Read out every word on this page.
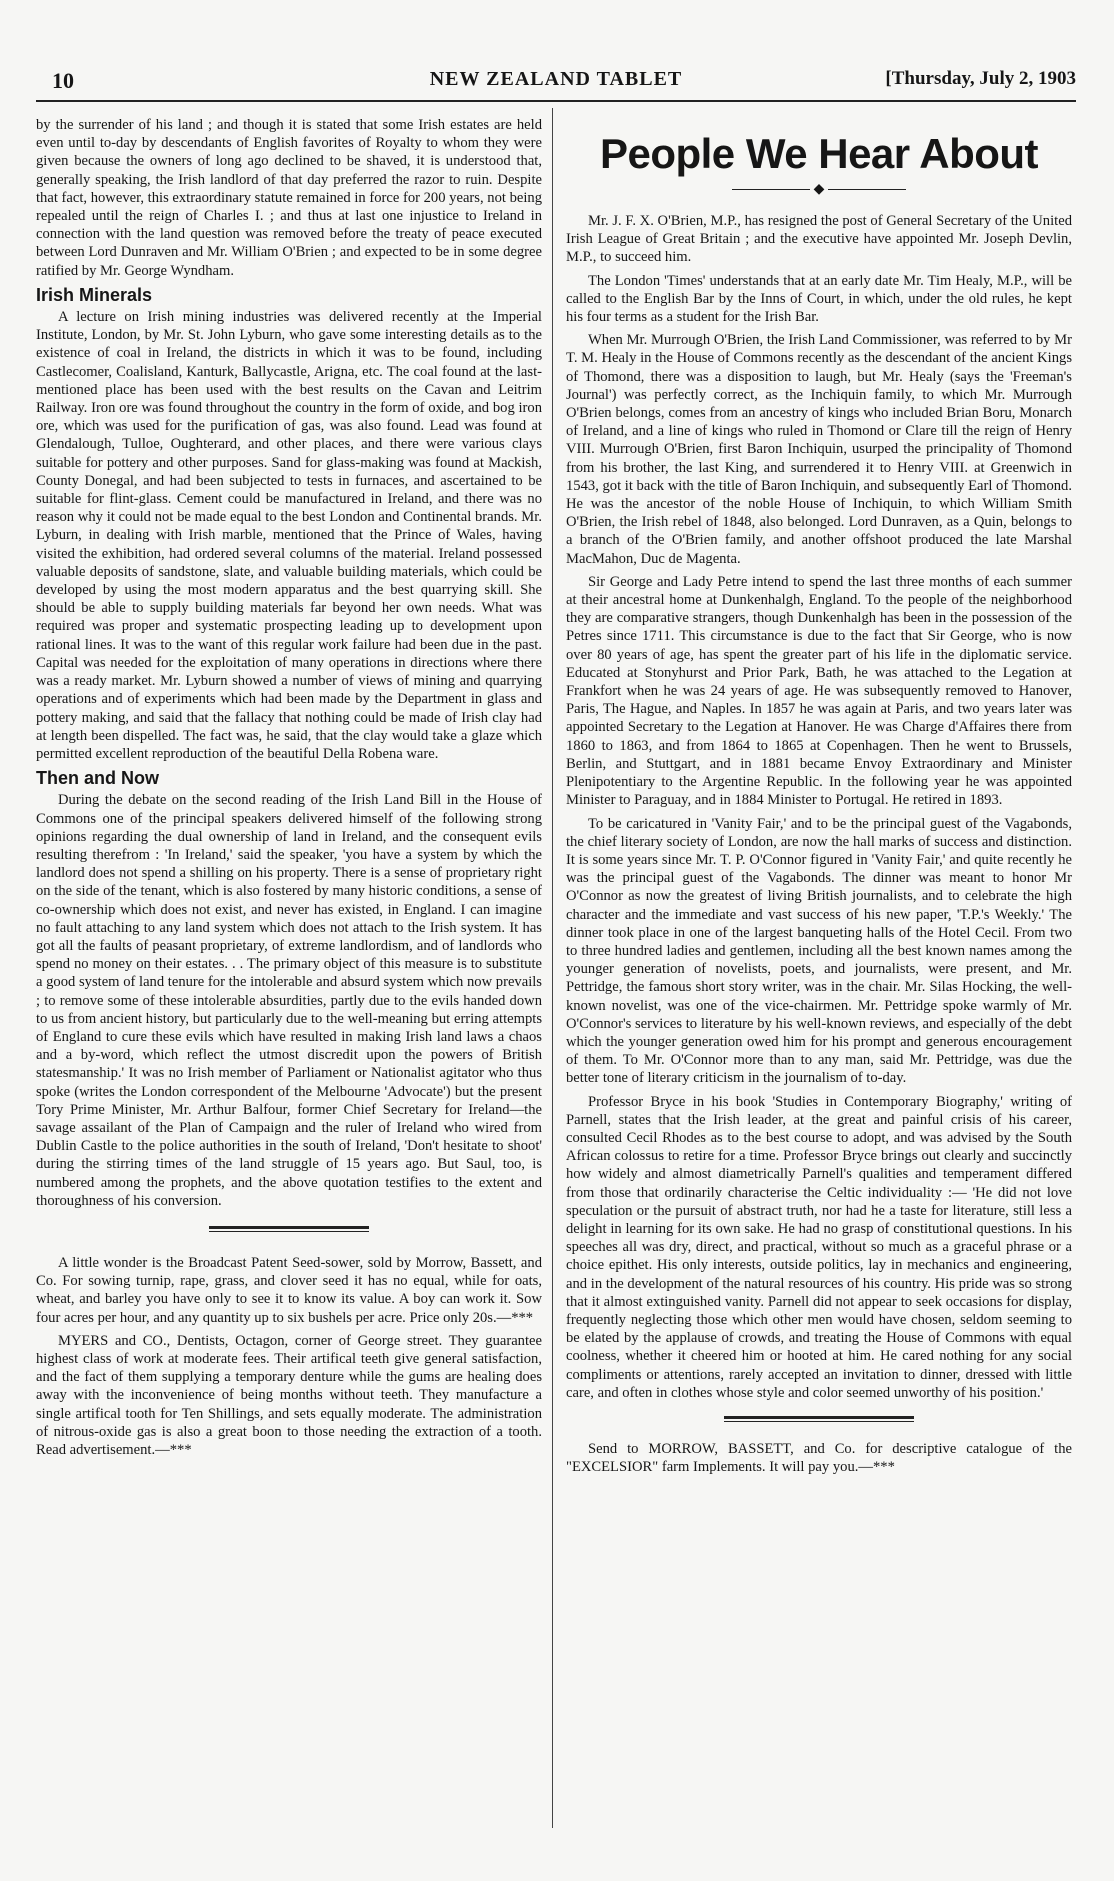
10	NEW ZEALAND TABLET	[Thursday, July 2, 1903

by the surrender of his land ; and though it is stated that some Irish estates are held even until to-day by descendants of English favorites of Royalty to whom they were given because the owners of long ago declined to be shaved, it is understood that, generally speaking, the Irish landlord of that day preferred the razor to ruin. Despite that fact, however, this extraordinary statute remained in force for 200 years, not being repealed until the reign of Charles I. ; and thus at last one injustice to Ireland in connection with the land question was removed before the treaty of peace executed between Lord Dunraven and Mr. William O'Brien ; and expected to be in some degree ratified by Mr. George Wyndham.

Irish Minerals

A lecture on Irish mining industries was delivered recently at the Imperial Institute, London, by Mr. St. John Lyburn, who gave some interesting details as to the existence of coal in Ireland, the districts in which it was to be found, including Castlecomer, Coalisland, Kanturk, Ballycastle, Arigna, etc. The coal found at the last-mentioned place has been used with the best results on the Cavan and Leitrim Railway. Iron ore was found throughout the country in the form of oxide, and bog iron ore, which was used for the purification of gas, was also found. Lead was found at Glendalough, Tulloe, Oughterard, and other places, and there were various clays suitable for pottery and other purposes. Sand for glass-making was found at Mackish, County Donegal, and had been subjected to tests in furnaces, and ascertained to be suitable for flint-glass. Cement could be manufactured in Ireland, and there was no reason why it could not be made equal to the best London and Continental brands. Mr. Lyburn, in dealing with Irish marble, mentioned that the Prince of Wales, having visited the exhibition, had ordered several columns of the material. Ireland possessed valuable deposits of sandstone, slate, and valuable building materials, which could be developed by using the most modern apparatus and the best quarrying skill. She should be able to supply building materials far beyond her own needs. What was required was proper and systematic prospecting leading up to development upon rational lines. It was to the want of this regular work failure had been due in the past. Capital was needed for the exploitation of many operations in directions where there was a ready market. Mr. Lyburn showed a number of views of mining and quarrying operations and of experiments which had been made by the Department in glass and pottery making, and said that the fallacy that nothing could be made of Irish clay had at length been dispelled. The fact was, he said, that the clay would take a glaze which permitted excellent reproduction of the beautiful Della Robena ware.

Then and Now

During the debate on the second reading of the Irish Land Bill in the House of Commons one of the principal speakers delivered himself of the following strong opinions regarding the dual ownership of land in Ireland, and the consequent evils resulting therefrom : 'In Ireland,' said the speaker, 'you have a system by which the landlord does not spend a shilling on his property. There is a sense of proprietary right on the side of the tenant, which is also fostered by many historic conditions, a sense of co-ownership which does not exist, and never has existed, in England. I can imagine no fault attaching to any land system which does not attach to the Irish system. It has got all the faults of peasant proprietary, of extreme landlordism, and of landlords who spend no money on their estates. . . The primary object of this measure is to substitute a good system of land tenure for the intolerable and absurd system which now prevails ; to remove some of these intolerable absurdities, partly due to the evils handed down to us from ancient history, but particularly due to the well-meaning but erring attempts of England to cure these evils which have resulted in making Irish land laws a chaos and a by-word, which reflect the utmost discredit upon the powers of British statesmanship.' It was no Irish member of Parliament or Nationalist agitator who thus spoke (writes the London correspondent of the Melbourne 'Advocate') but the present Tory Prime Minister, Mr. Arthur Balfour, former Chief Secretary for Ireland—the savage assailant of the Plan of Campaign and the ruler of Ireland who wired from Dublin Castle to the police authorities in the south of Ireland, 'Don't hesitate to shoot' during the stirring times of the land struggle of 15 years ago. But Saul, too, is numbered among the prophets, and the above quotation testifies to the extent and thoroughness of his conversion.

A little wonder is the Broadcast Patent Seed-sower, sold by Morrow, Bassett, and Co. For sowing turnip, rape, grass, and clover seed it has no equal, while for oats, wheat, and barley you have only to see it to know its value. A boy can work it. Sow four acres per hour, and any quantity up to six bushels per acre. Price only 20s.—***

MYERS and CO., Dentists, Octagon, corner of George street. They guarantee highest class of work at moderate fees. Their artifical teeth give general satisfaction, and the fact of them supplying a temporary denture while the gums are healing does away with the inconvenience of being months without teeth. They manufacture a single artifical tooth for Ten Shillings, and sets equally moderate. The administration of nitrous-oxide gas is also a great boon to those needing the extraction of a tooth. Read advertisement.—***

People We Hear About
◆

Mr. J. F. X. O'Brien, M.P., has resigned the post of General Secretary of the United Irish League of Great Britain ; and the executive have appointed Mr. Joseph Devlin, M.P., to succeed him.

The London 'Times' understands that at an early date Mr. Tim Healy, M.P., will be called to the English Bar by the Inns of Court, in which, under the old rules, he kept his four terms as a student for the Irish Bar.

When Mr. Murrough O'Brien, the Irish Land Commissioner, was referred to by Mr T. M. Healy in the House of Commons recently as the descendant of the ancient Kings of Thomond, there was a disposition to laugh, but Mr. Healy (says the 'Freeman's Journal') was perfectly correct, as the Inchiquin family, to which Mr. Murrough O'Brien belongs, comes from an ancestry of kings who included Brian Boru, Monarch of Ireland, and a line of kings who ruled in Thomond or Clare till the reign of Henry VIII. Murrough O'Brien, first Baron Inchiquin, usurped the principality of Thomond from his brother, the last King, and surrendered it to Henry VIII. at Greenwich in 1543, got it back with the title of Baron Inchiquin, and subsequently Earl of Thomond. He was the ancestor of the noble House of Inchiquin, to which William Smith O'Brien, the Irish rebel of 1848, also belonged. Lord Dunraven, as a Quin, belongs to a branch of the O'Brien family, and another offshoot produced the late Marshal MacMahon, Duc de Magenta.

Sir George and Lady Petre intend to spend the last three months of each summer at their ancestral home at Dunkenhalgh, England. To the people of the neighborhood they are comparative strangers, though Dunkenhalgh has been in the possession of the Petres since 1711. This circumstance is due to the fact that Sir George, who is now over 80 years of age, has spent the greater part of his life in the diplomatic service. Educated at Stonyhurst and Prior Park, Bath, he was attached to the Legation at Frankfort when he was 24 years of age. He was subsequently removed to Hanover, Paris, The Hague, and Naples. In 1857 he was again at Paris, and two years later was appointed Secretary to the Legation at Hanover. He was Charge d'Affaires there from 1860 to 1863, and from 1864 to 1865 at Copenhagen. Then he went to Brussels, Berlin, and Stuttgart, and in 1881 became Envoy Extraordinary and Minister Plenipotentiary to the Argentine Republic. In the following year he was appointed Minister to Paraguay, and in 1884 Minister to Portugal. He retired in 1893.

To be caricatured in 'Vanity Fair,' and to be the principal guest of the Vagabonds, the chief literary society of London, are now the hall marks of success and distinction. It is some years since Mr. T. P. O'Connor figured in 'Vanity Fair,' and quite recently he was the principal guest of the Vagabonds. The dinner was meant to honor Mr O'Connor as now the greatest of living British journalists, and to celebrate the high character and the immediate and vast success of his new paper, 'T.P.'s Weekly.' The dinner took place in one of the largest banqueting halls of the Hotel Cecil. From two to three hundred ladies and gentlemen, including all the best known names among the younger generation of novelists, poets, and journalists, were present, and Mr. Pettridge, the famous short story writer, was in the chair. Mr. Silas Hocking, the well-known novelist, was one of the vice-chairmen. Mr. Pettridge spoke warmly of Mr. O'Connor's services to literature by his well-known reviews, and especially of the debt which the younger generation owed him for his prompt and generous encouragement of them. To Mr. O'Connor more than to any man, said Mr. Pettridge, was due the better tone of literary criticism in the journalism of to-day.

Professor Bryce in his book 'Studies in Contemporary Biography,' writing of Parnell, states that the Irish leader, at the great and painful crisis of his career, consulted Cecil Rhodes as to the best course to adopt, and was advised by the South African colossus to retire for a time. Professor Bryce brings out clearly and succinctly how widely and almost diametrically Parnell's qualities and temperament differed from those that ordinarily characterise the Celtic individuality :— 'He did not love speculation or the pursuit of abstract truth, nor had he a taste for literature, still less a delight in learning for its own sake. He had no grasp of constitutional questions. In his speeches all was dry, direct, and practical, without so much as a graceful phrase or a choice epithet. His only interests, outside politics, lay in mechanics and engineering, and in the development of the natural resources of his country. His pride was so strong that it almost extinguished vanity. Parnell did not appear to seek occasions for display, frequently neglecting those which other men would have chosen, seldom seeming to be elated by the applause of crowds, and treating the House of Commons with equal coolness, whether it cheered him or hooted at him. He cared nothing for any social compliments or attentions, rarely accepted an invitation to dinner, dressed with little care, and often in clothes whose style and color seemed unworthy of his position.'

Send to MORROW, BASSETT, and Co. for descriptive catalogue of the "EXCELSIOR" farm Implements. It will pay you.—***
